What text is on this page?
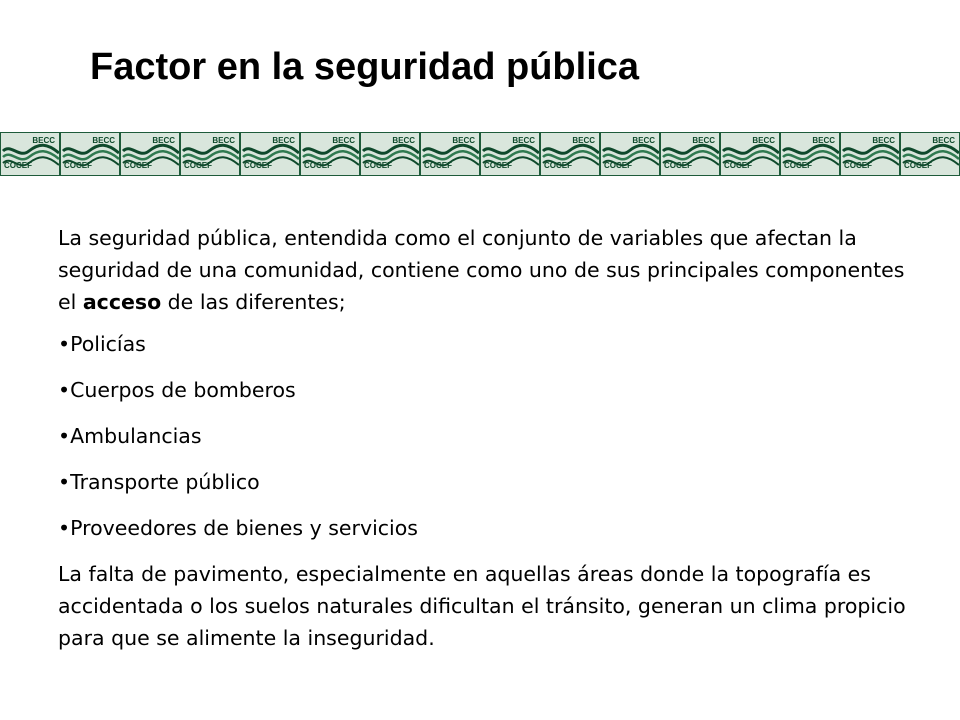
Factor en la seguridad pública
BECC
COCEF
BECC
COCEF
BECC
COCEF
BECC
COCEF
BECC
COCEF
BECC
COCEF
BECC
COCEF
BECC
COCEF
BECC
COCEF
BECC
COCEF
BECC
COCEF
BECC
COCEF
BECC
COCEF
BECC
COCEF
BECC
COCEF
BECC
COCEF

La seguridad pública, entendida como el conjunto de variables que afectan la seguridad de una comunidad, contiene como uno de sus principales componentes el acceso de las diferentes;

•Policías

•Cuerpos de bomberos

•Ambulancias

•Transporte público

•Proveedores de bienes y servicios

La falta de pavimento, especialmente en aquellas áreas donde la topografía es accidentada o los suelos naturales dificultan el tránsito, generan un clima propicio para que se alimente la inseguridad.
